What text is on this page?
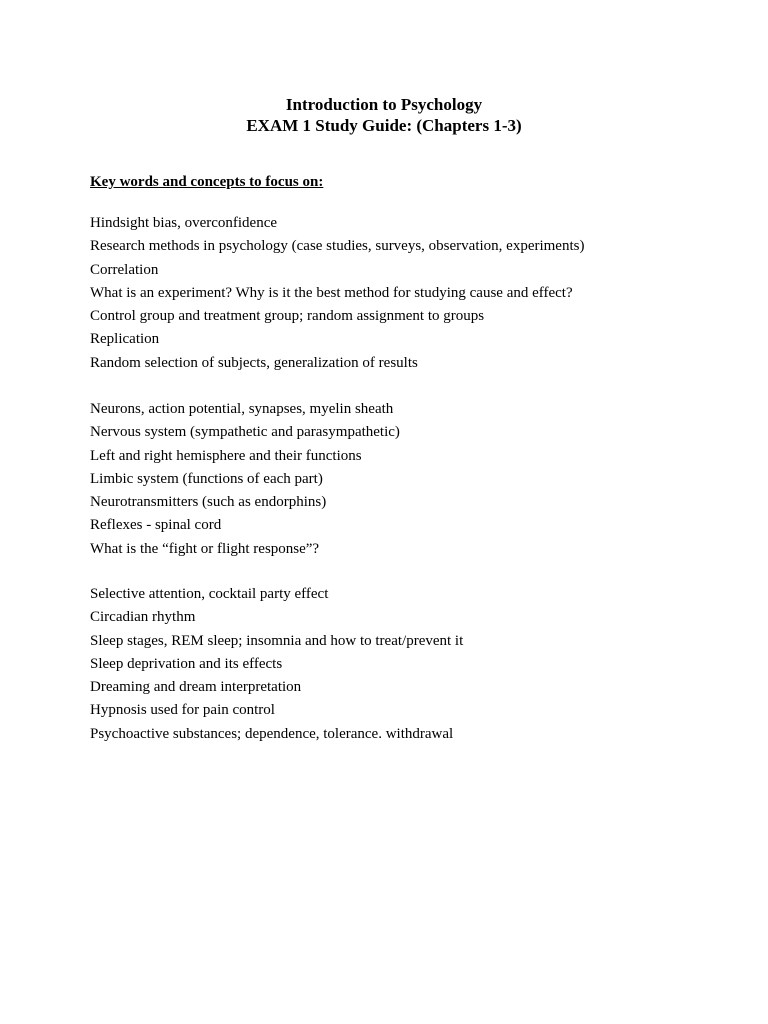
Introduction to Psychology
EXAM 1 Study Guide: (Chapters 1-3)

Key words and concepts to focus on:

Hindsight bias, overconfidence
Research methods in psychology (case studies, surveys, observation, experiments)
Correlation
What is an experiment? Why is it the best method for studying cause and effect?
Control group and treatment group; random assignment to groups
Replication
Random selection of subjects, generalization of results
Neurons, action potential, synapses, myelin sheath
Nervous system (sympathetic and parasympathetic)
Left and right hemisphere and their functions
Limbic system (functions of each part)
Neurotransmitters (such as endorphins)
Reflexes - spinal cord
What is the “fight or flight response”?
Selective attention, cocktail party effect
Circadian rhythm
Sleep stages, REM sleep; insomnia and how to treat/prevent it
Sleep deprivation and its effects
Dreaming and dream interpretation
Hypnosis used for pain control
Psychoactive substances; dependence, tolerance. withdrawal
